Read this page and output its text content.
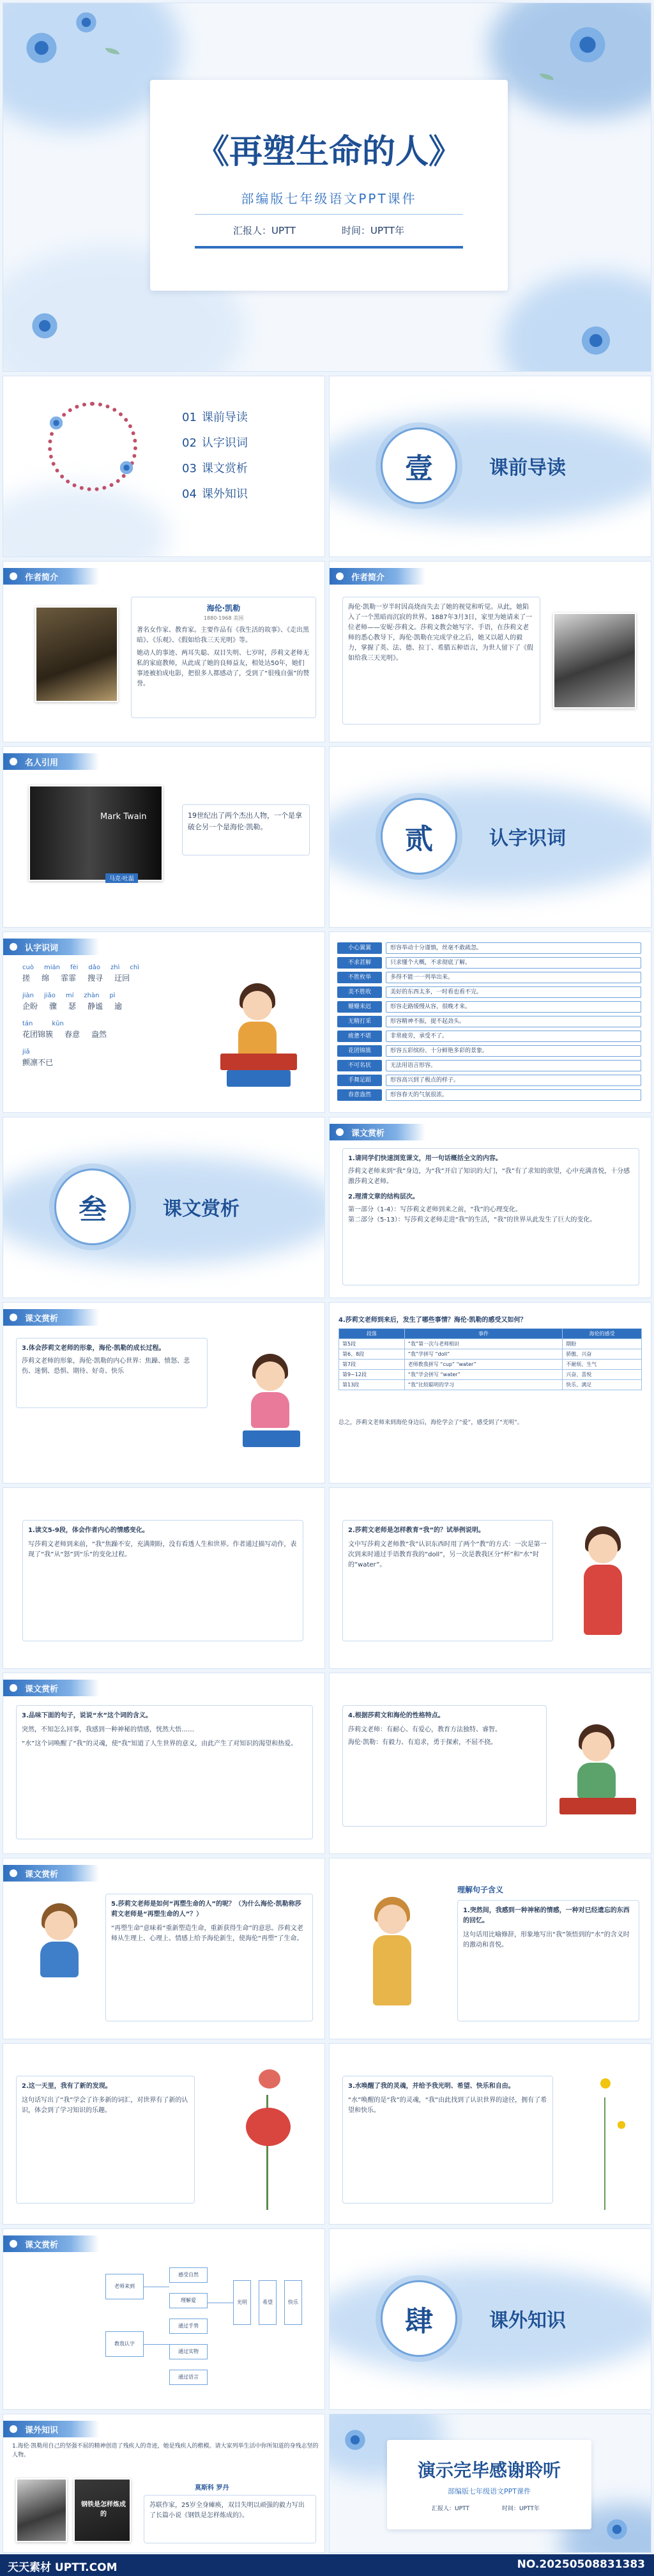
《再塑生命的人》
部编版七年级语文PPT课件
汇报人：UPTT	时间：UPTT年
01 课前导读
02 认字识词
03 课文赏析
04 课外知识
壹	课前导读
作者简介
海伦·凯勒
1880-1968 美国
著名女作家、教育家。主要作品有《我生活的故事》、《走出黑暗》、《乐观》、《假如给我三天光明》等。
她动人的事迹、两耳失聪、双目失明、七岁时，莎莉文老师无私的家庭教师，从此成了她的良师益友，相处达50年，她们事迹被拍成电影，把很多人都感动了，受到了“很残自强”的赞誉。
作者简介
海伦·凯勒一岁半时因高烧而失去了她的视觉和听觉。从此，她陷入了一个黑暗而沉寂的世界。1887年3月3日，家里为她请来了一位老师——安妮·莎莉文。莎莉文教会她写字、手语，在莎莉文老师的悉心教导下，海伦·凯勒在完成学业之后，她又以超人的毅力，掌握了英、法、德、拉丁、希腊五种语言，为世人留下了《假如给我三天光明》。
名人引用
Mark Twain
马克·吐温
19世纪出了两个杰出人物，一个是拿破仑另一个是海伦·凯勒。	贰	认字识词
认字识词
cuò mián fèi dǎo zhì chì
搓 绵 霏霏 搜寻 迂回
jiàn jiǎo mí zhàn pì
企盼 骤 瑟 静谧 逾
tán	kūn
花团锦簇 春意 盎然
jiǎ
颤凛不已
小心翼翼	形容举动十分谨慎，丝毫不敢疏忽。
不求甚解	只求懂个大概，不求彻底了解。
不胜枚举	多得不能一一列举出来。
美不胜收	美好的东西太多，一时看也看不完。
姗姗来迟	形容走路缓慢从容，很晚才来。
无精打采	形容精神不振，提不起劲头。
疲惫不堪	非常疲劳，承受不了。
花团锦簇	形容五彩缤纷、十分鲜艳多彩的景象。
不可名状	无法用语言形容。
手舞足蹈	形容高兴到了极点的样子。
春意盎然	形容春天的气氛很浓。
叁	课文赏析
课文赏析
1.请同学们快速浏览课文，用一句话概括全文的内容。
莎莉文老师来到“我”身边，为“我”开启了知识的大门，“我”有了求知的欲望，心中充满喜悦，十分感激莎莉文老师。
2.理清文章的结构层次。
第一部分（1-4）：写莎莉文老师到来之前，“我”的心理变化。
第二部分（5-13）：写莎莉文老师走进“我”的生活，“我”的世界从此发生了巨大的变化。
课文赏析
3.体会莎莉文老师的形象，海伦·凯勒的成长过程。
莎莉文老师的形象，海伦·凯勒的内心世界：焦躁、愤怒、悲伤、迷惘、恐惧、期待、好奇、快乐
4.莎莉文老师到来后，发生了哪些事情？海伦·凯勒的感受又如何？
段落	事件	海伦的感受
第5段	“我”第一次与老师相识	期盼
第6、8段	“我”学拼写 “doll”	骄傲、兴奋
第7段	老师教我拼写 “cup” “water”	不耐烦、生气
第9~12段	“我”学会拼写 “water”	兴奋、喜悦
第13段	“我”比较聪明的学习	快乐、满足
总之，莎莉文老师来到海伦身边后，海伦学会了“爱”，感受到了“光明”。
1.读文5-9段，体会作者内心的情感变化。
写莎莉文老师到来前，“我”焦躁不安，充满期盼，没有看透人生和世界。作者通过描写动作，表现了“我”从“怒”到“乐”的变化过程。
2.莎莉文老师是怎样教育“我”的？试举例说明。
文中写莎莉文老师教“我”认识东西时用了两个“教”的方式：一次是第一次到来时通过手语教育我的“doll”，另一次是教我区分“杯”和“水”时的“water”。
课文赏析
3.品味下面的句子，说说“水”这个词的含义。
突然，不知怎么回事，我感到一种神秘的情感，恍然大悟……
“水”这个词唤醒了“我”的灵魂，使“我”知道了人生世界的意义，由此产生了对知识的渴望和热爱。
4.根据莎莉文和海伦的性格特点。
莎莉文老师：有耐心、有爱心，教育方法独特、睿智。
海伦·凯勒：有毅力、有追求，勇于探索，不屈不挠。
课文赏析
5.莎莉文老师是如何“再塑生命的人”的呢？（为什么海伦·凯勒称莎莉文老师是“再塑生命的人”？）
“再塑生命”意味着“重新塑造生命，重新获得生命”的意思。莎莉文老师从生理上、心理上、情感上给予海伦新生，使海伦“再塑”了生命。
理解句子含义
1.突然间，我感到一种神秘的情感，一种对已经遗忘的东西的回忆。
这句话用比喻修辞，形象地写出“我”领悟到的“水”的含义时的激动和喜悦。
2.这一天里，我有了新的发现。
这句话写出了“我”学会了许多新的词汇，对世界有了新的认识，体会到了学习知识的乐趣。
3.水唤醒了我的灵魂，并给予我光明、希望、快乐和自由。
“水”唤醒的是“我”的灵魂，“我”由此找到了认识世界的途径，拥有了希望和快乐。
课文赏析
老师来到
教我认字
感受自然
理解爱
通过手势
通过实物
通过语言
光明	希望	快乐
肆	课外知识
课外知识
1.海伦·凯勒用自己的坚强不屈的精神创造了残疾人的奇迹，她是残疾人的楷模。请大家列举生活中你所知道的身残志坚的人物。
钢铁是怎样炼成的
莫斯科 罗丹
苏联作家，25岁全身瘫痪，双目失明以顽强的毅力写出了长篇小说《钢铁是怎样炼成的》。
演示完毕感谢聆听
部编版七年级语文PPT课件
汇报人：UPTT	时间：UPTT年
天天素材 UPTT.COM	NO.20250508831383
